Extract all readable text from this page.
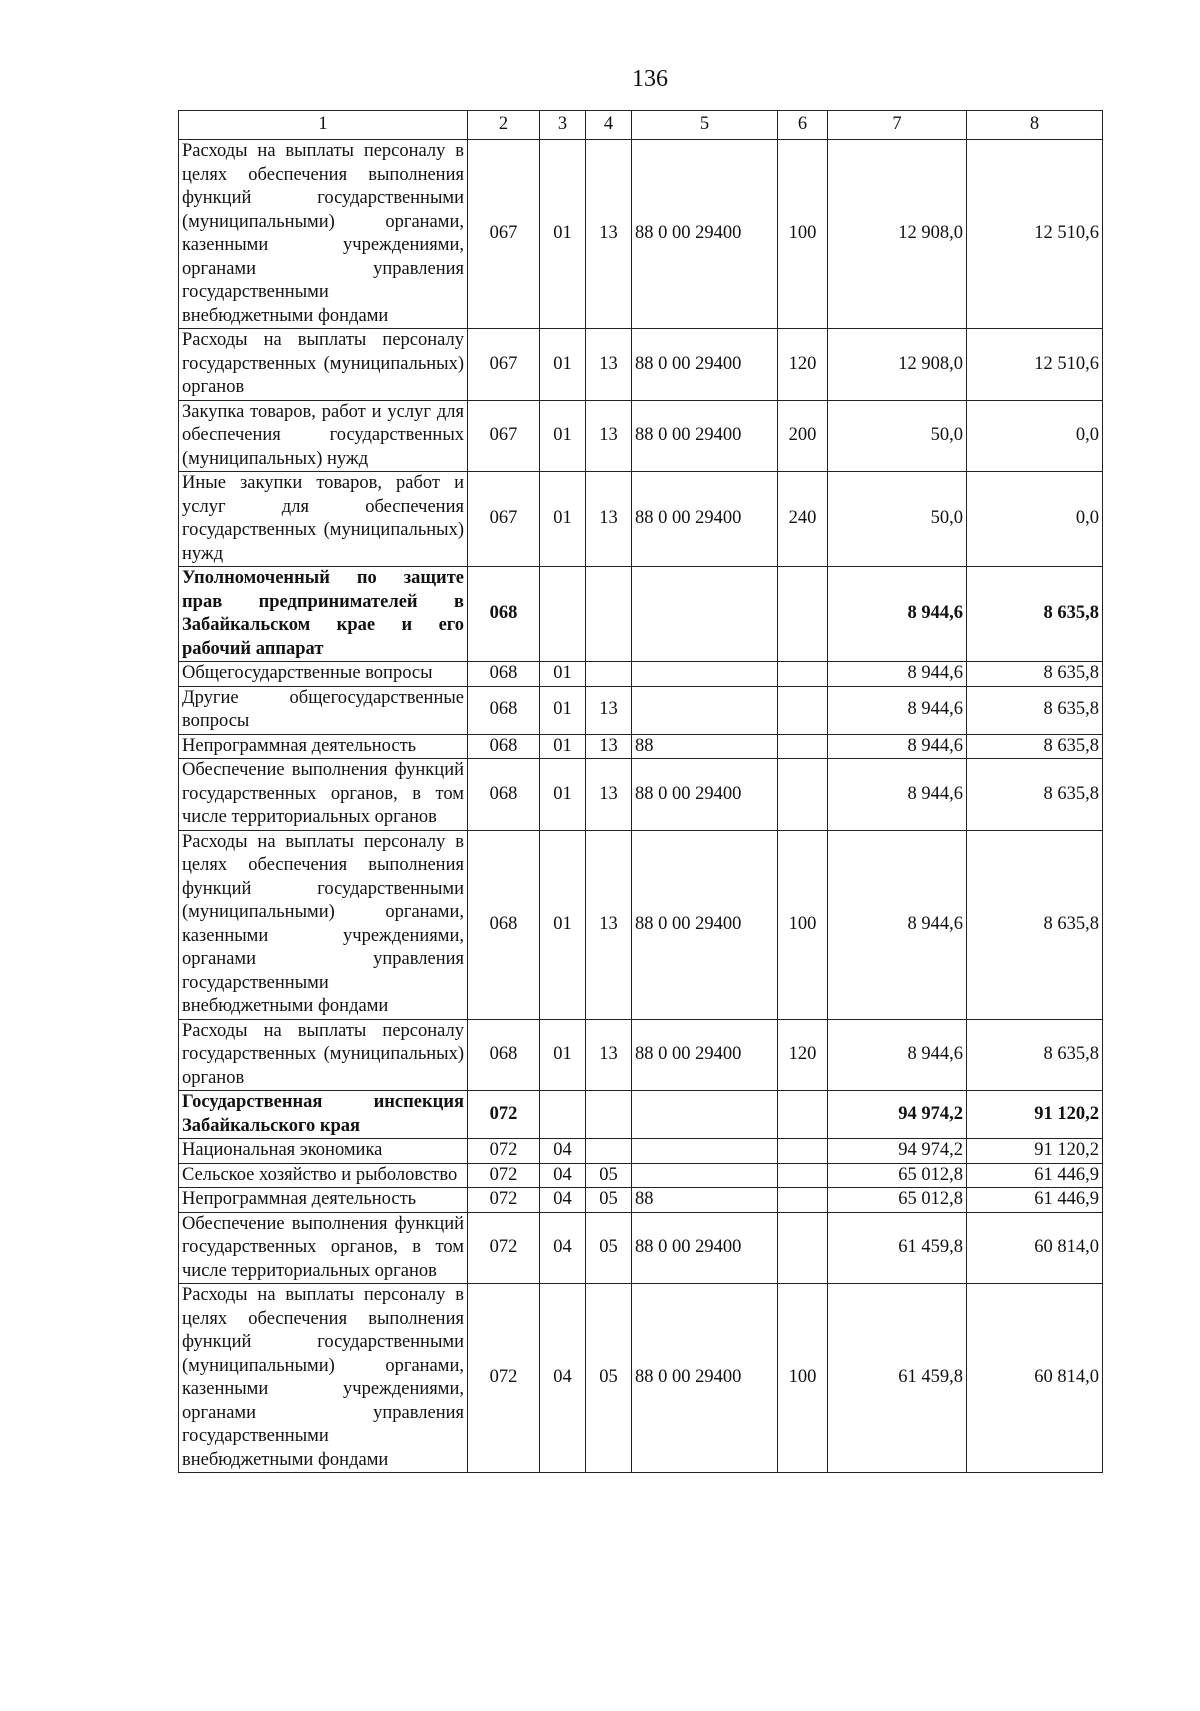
136
1	2	3	4	5	6	7	8
Расходы на выплаты персоналу в целях обеспечения выполнения функций государственными (муниципальными) органами, казенными учреждениями, органами управления государственными внебюджетными фондами	067	01	13	88 0 00 29400	100	12 908,0	12 510,6
Расходы на выплаты персоналу государственных (муниципальных) органов	067	01	13	88 0 00 29400	120	12 908,0	12 510,6
Закупка товаров, работ и услуг для обеспечения государственных (муниципальных) нужд	067	01	13	88 0 00 29400	200	50,0	0,0
Иные закупки товаров, работ и услуг для обеспечения государственных (муниципальных) нужд	067	01	13	88 0 00 29400	240	50,0	0,0
Уполномоченный по защите прав предпринимателей в Забайкальском крае и его рабочий аппарат	068					8 944,6	8 635,8
Общегосударственные вопросы	068	01				8 944,6	8 635,8
Другие общегосударственные вопросы	068	01	13			8 944,6	8 635,8
Непрограммная деятельность	068	01	13	88		8 944,6	8 635,8
Обеспечение выполнения функций государственных органов, в том числе территориальных органов	068	01	13	88 0 00 29400		8 944,6	8 635,8
Расходы на выплаты персоналу в целях обеспечения выполнения функций государственными (муниципальными) органами, казенными учреждениями, органами управления государственными внебюджетными фондами	068	01	13	88 0 00 29400	100	8 944,6	8 635,8
Расходы на выплаты персоналу государственных (муниципальных) органов	068	01	13	88 0 00 29400	120	8 944,6	8 635,8
Государственная инспекция Забайкальского края	072					94 974,2	91 120,2
Национальная экономика	072	04				94 974,2	91 120,2
Сельское хозяйство и рыболовство	072	04	05			65 012,8	61 446,9
Непрограммная деятельность	072	04	05	88		65 012,8	61 446,9
Обеспечение выполнения функций государственных органов, в том числе территориальных органов	072	04	05	88 0 00 29400		61 459,8	60 814,0
Расходы на выплаты персоналу в целях обеспечения выполнения функций государственными (муниципальными) органами, казенными учреждениями, органами управления государственными внебюджетными фондами	072	04	05	88 0 00 29400	100	61 459,8	60 814,0
